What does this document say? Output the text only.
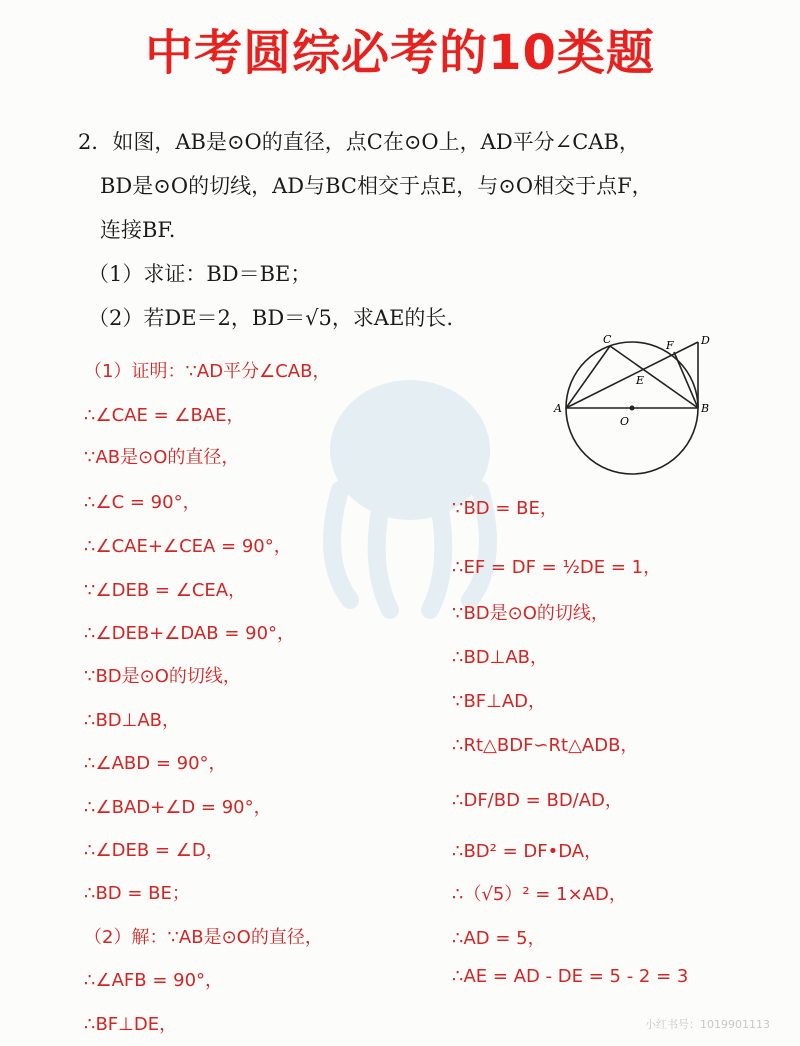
中考圆综必考的10类题
2．如图，AB是⊙O的直径，点C在⊙O上，AD平分∠CAB，
BD是⊙O的切线，AD与BC相交于点E，与⊙O相交于点F，
连接BF.
（1）求证：BD＝BE；
（2）若DE＝2，BD＝√5，求AE的长.
A	B
C	D
E
F
O
（1）证明：∵AD平分∠CAB，
∴∠CAE = ∠BAE，
∵AB是⊙O的直径，
∴∠C = 90°，
∴∠CAE+∠CEA = 90°，
∵∠DEB = ∠CEA，
∴∠DEB+∠DAB = 90°，
∵BD是⊙O的切线，
∴BD⊥AB，
∴∠ABD = 90°，
∴∠BAD+∠D = 90°，
∴∠DEB = ∠D，
∴BD = BE；
（2）解：∵AB是⊙O的直径，
∴∠AFB = 90°，
∴BF⊥DE，
∵BD = BE，
∴EF = DF = ½DE = 1，
∵BD是⊙O的切线，
∴BD⊥AB，
∵BF⊥AD，
∴Rt△BDF∽Rt△ADB，
∴DF/BD = BD/AD，
∴BD² = DF•DA，
∴（√5）² = 1×AD，
∴AD = 5，
∴AE = AD - DE = 5 - 2 = 3
小红书号：1019901113
